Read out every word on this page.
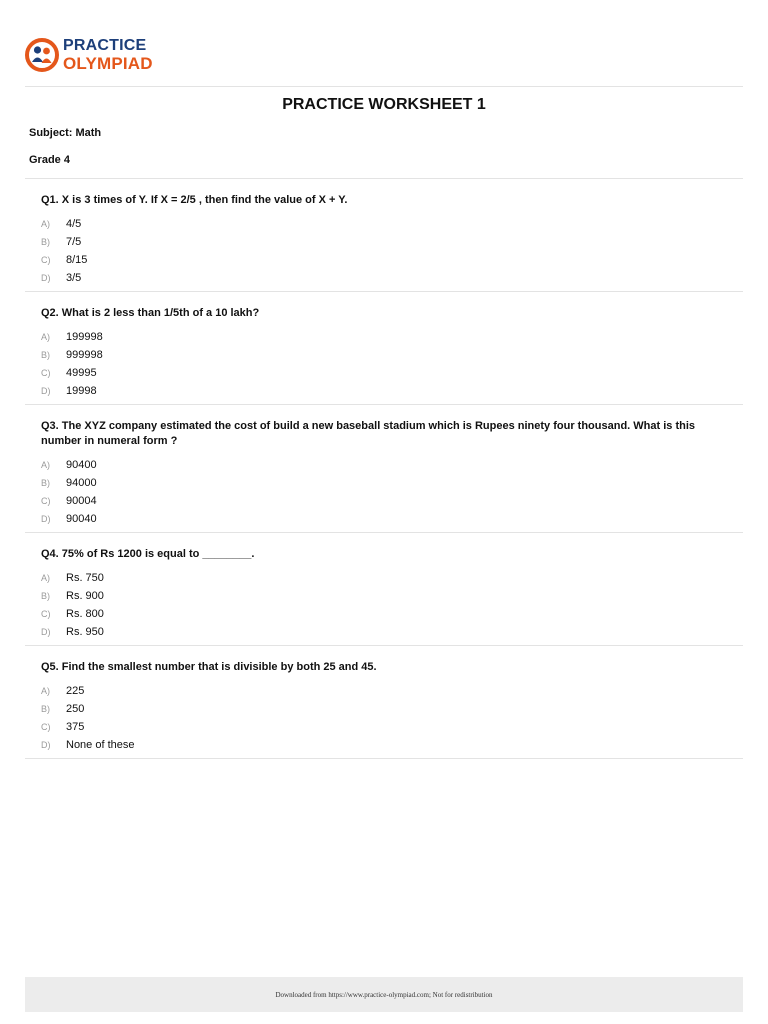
PRACTICE
OLYMPIAD
PRACTICE WORKSHEET 1
Subject: Math
Grade 4
Q1. X is 3 times of Y. If X = 2/5 , then find the value of X + Y.
A)	4/5
B)	7/5
C)	8/15
D)	3/5
Q2. What is 2 less than 1/5th of a 10 lakh?
A)	199998
B)	999998
C)	49995
D)	19998
Q3. The XYZ company estimated the cost of build a new baseball stadium which is Rupees ninety four thousand. What is this number in numeral form ?
A)	90400
B)	94000
C)	90004
D)	90040
Q4. 75% of Rs 1200 is equal to ________.
A)	Rs. 750
B)	Rs. 900
C)	Rs. 800
D)	Rs. 950
Q5. Find the smallest number that is divisible by both 25 and 45.
A)	225
B)	250
C)	375
D)	None of these
Downloaded from https://www.practice-olympiad.com; Not for redistribution
